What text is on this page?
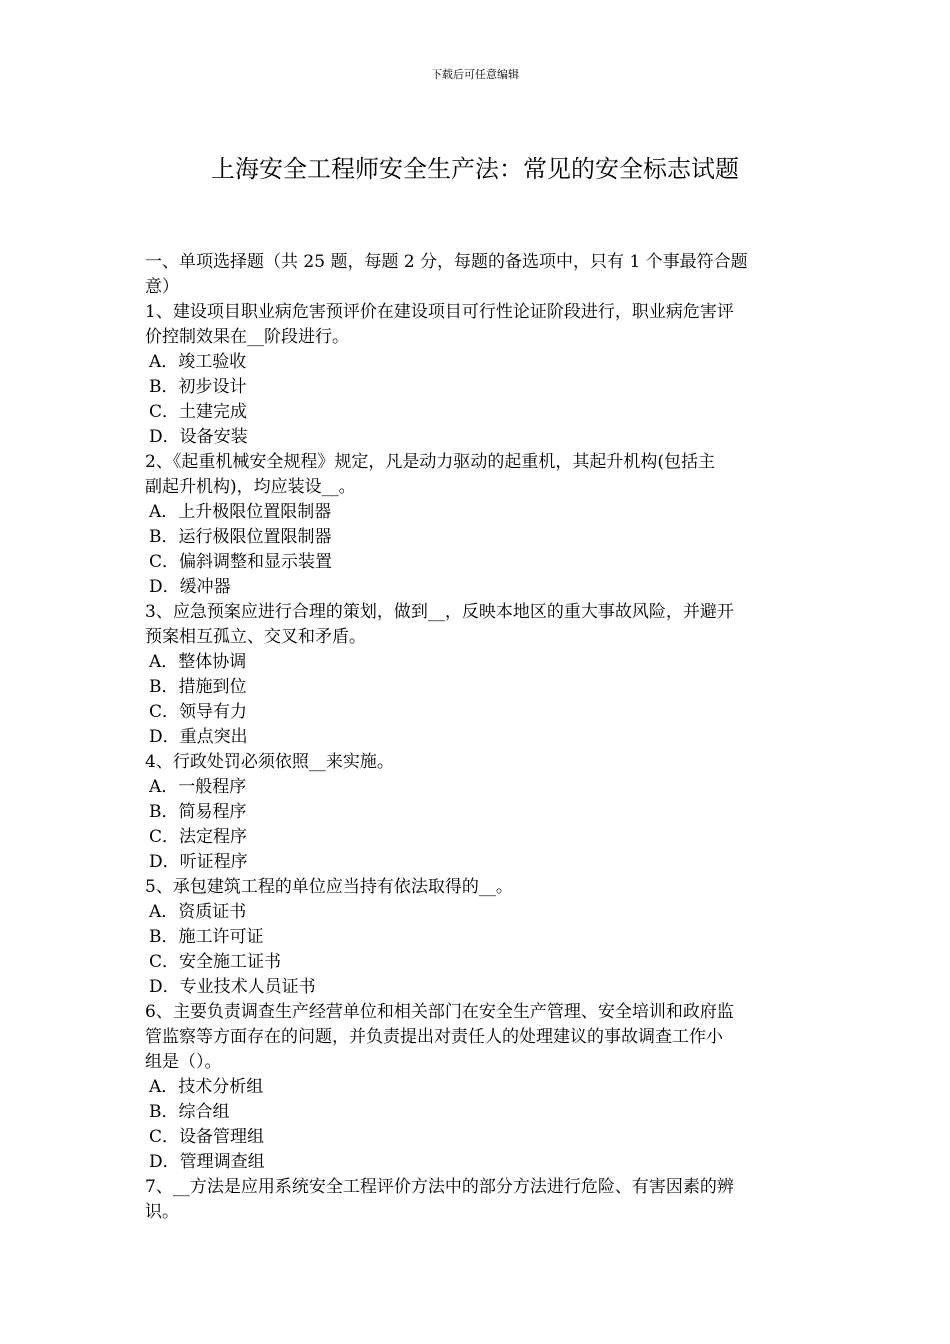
下载后可任意编辑
上海安全工程师安全生产法：常见的安全标志试题
一、单项选择题（共 25 题，每题 2 分，每题的备选项中，只有 1 个事最符合题
意）
1、建设项目职业病危害预评价在建设项目可行性论证阶段进行，职业病危害评
价控制效果在__阶段进行。
A．竣工验收
B．初步设计
C．土建完成
D．设备安装
2、《起重机械安全规程》规定，凡是动力驱动的起重机，其起升机构(包括主
副起升机构)，均应装设__。
A．上升极限位置限制器
B．运行极限位置限制器
C．偏斜调整和显示装置
D．缓冲器
3、应急预案应进行合理的策划，做到__，反映本地区的重大事故风险，并避开
预案相互孤立、交叉和矛盾。
A．整体协调
B．措施到位
C．领导有力
D．重点突出
4、行政处罚必须依照__来实施。
A．一般程序
B．简易程序
C．法定程序
D．听证程序
5、承包建筑工程的单位应当持有依法取得的__。
A．资质证书
B．施工许可证
C．安全施工证书
D．专业技术人员证书
6、主要负责调查生产经营单位和相关部门在安全生产管理、安全培训和政府监
管监察等方面存在的问题，并负责提出对责任人的处理建议的事故调查工作小
组是（）。
A．技术分析组
B．综合组
C．设备管理组
D．管理调查组
7、__方法是应用系统安全工程评价方法中的部分方法进行危险、有害因素的辨
识。
